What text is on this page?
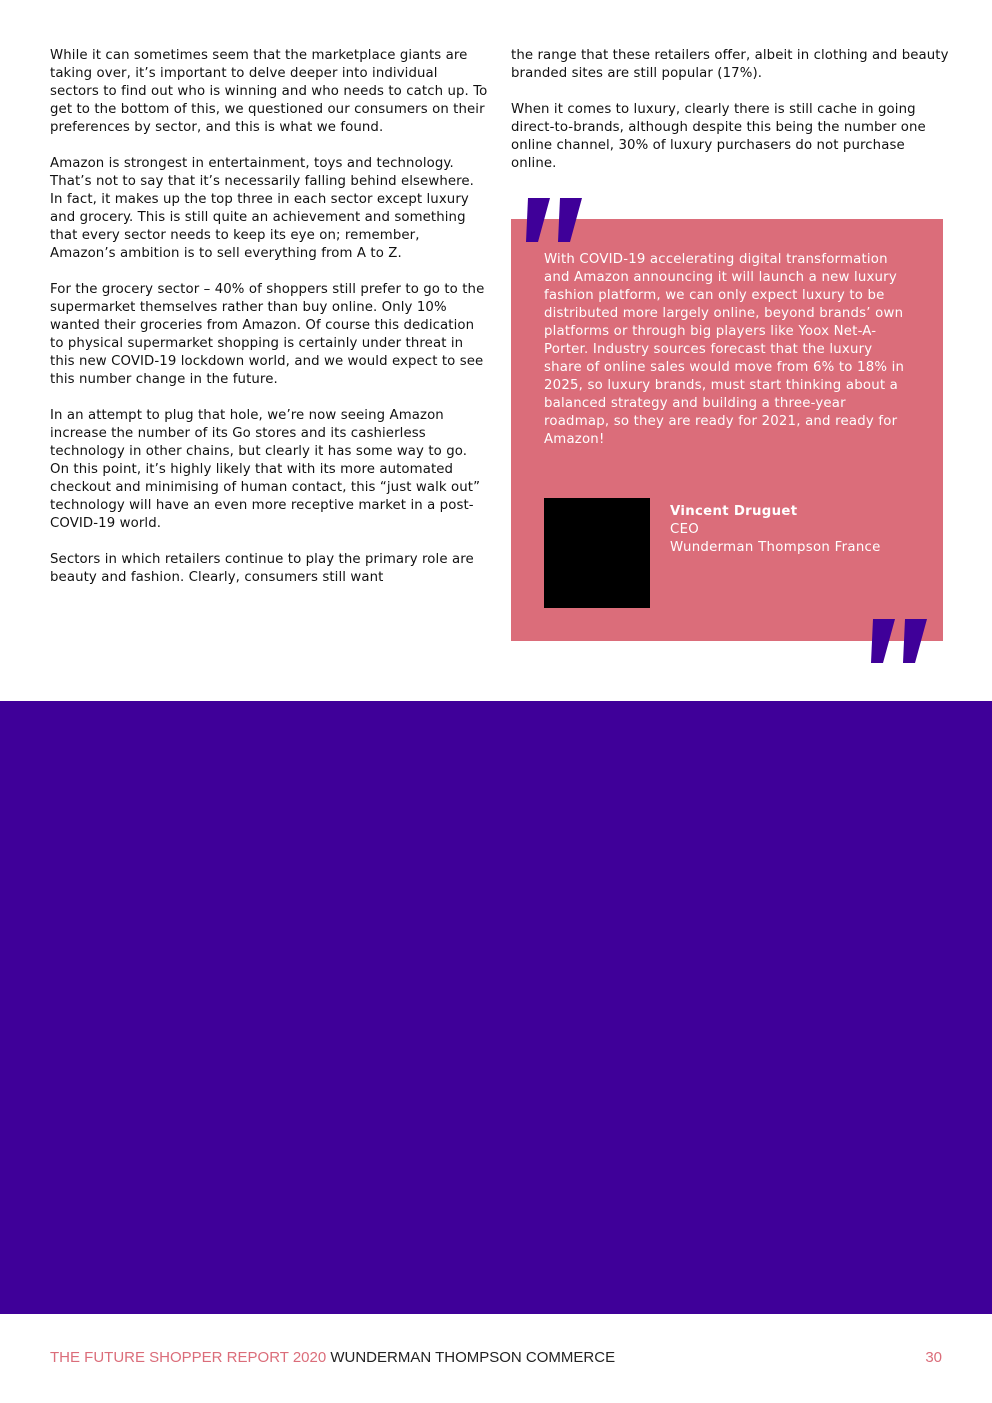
While it can sometimes seem that the marketplace giants are taking over, it’s important to delve deeper into individual sectors to find out who is winning and who needs to catch up. To get to the bottom of this, we questioned our consumers on their preferences by sector, and this is what we found.

Amazon is strongest in entertainment, toys and technology. That’s not to say that it’s necessarily falling behind elsewhere. In fact, it makes up the top three in each sector except luxury and grocery. This is still quite an achievement and something that every sector needs to keep its eye on; remember, Amazon’s ambition is to sell everything from A to Z.

For the grocery sector – 40% of shoppers still prefer to go to the supermarket themselves rather than buy online. Only 10% wanted their groceries from Amazon. Of course this dedication to physical supermarket shopping is certainly under threat in this new COVID-19 lockdown world, and we would expect to see this number change in the future.

In an attempt to plug that hole, we’re now seeing Amazon increase the number of its Go stores and its cashierless technology in other chains, but clearly it has some way to go. On this point, it’s highly likely that with its more automated checkout and minimising of human contact, this “just walk out” technology will have an even more receptive market in a post-COVID-19 world.

Sectors in which retailers continue to play the primary role are beauty and fashion. Clearly, consumers still want

the range that these retailers offer, albeit in clothing and beauty branded sites are still popular (17%).

When it comes to luxury, clearly there is still cache in going direct-to-brands, although despite this being the number one online channel, 30% of luxury purchasers do not purchase online.

With COVID-19 accelerating digital transformation and Amazon announcing it will launch a new luxury fashion platform, we can only expect luxury to be distributed more largely online, beyond brands’ own platforms or through big players like Yoox Net-A-Porter. Industry sources forecast that the luxury share of online sales would move from 6% to 18% in 2025, so luxury brands, must start thinking about a balanced strategy and building a three-year roadmap, so they are ready for 2021, and ready for Amazon!

Vincent Druguet
CEO
Wunderman Thompson France
THE FUTURE SHOPPER REPORT 2020 WUNDERMAN THOMPSON COMMERCE	30
